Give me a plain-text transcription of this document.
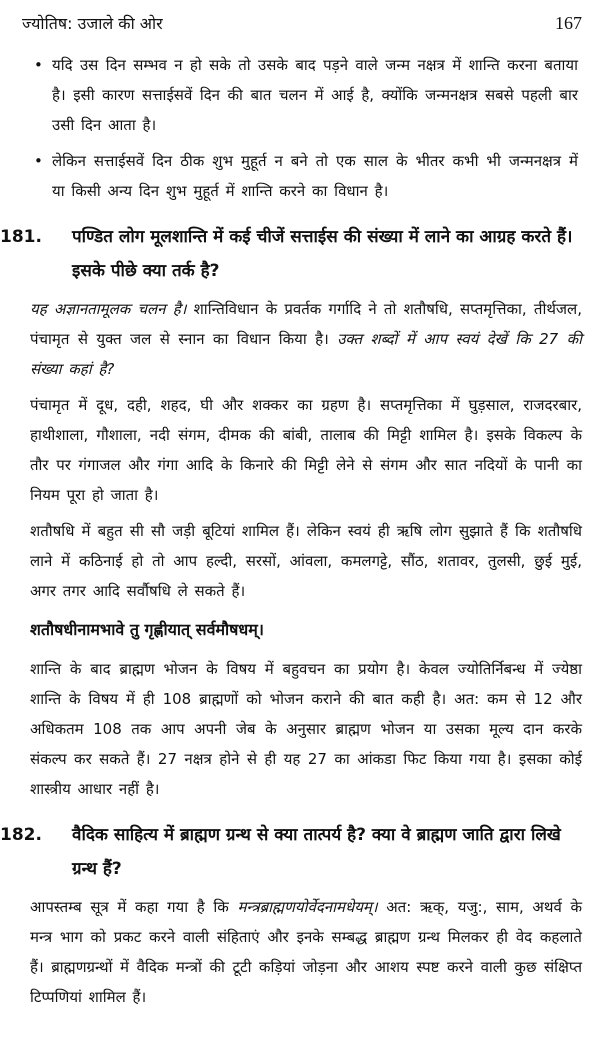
ज्योतिष: उजाले की ओर	167
• यदि उस दिन सम्भव न हो सके तो उसके बाद पड़ने वाले जन्म नक्षत्र में शान्ति करना बताया है। इसी कारण सत्ताईसवें दिन की बात चलन में आई है, क्योंकि जन्मनक्षत्र सबसे पहली बार उसी दिन आता है।
• लेकिन सत्ताईसवें दिन ठीक शुभ मुहूर्त न बने तो एक साल के भीतर कभी भी जन्मनक्षत्र में या किसी अन्य दिन शुभ मुहूर्त में शान्ति करने का विधान है।
181.	पण्डित लोग मूलशान्ति में कई चीजें सत्ताईस की संख्या में लाने का आग्रह करते हैं। इसके पीछे क्या तर्क है?

यह अज्ञानतामूलक चलन है। शान्तिविधान के प्रवर्तक गर्गादि ने तो शतौषधि, सप्तमृत्तिका, तीर्थजल, पंचामृत से युक्त जल से स्नान का विधान किया है। उक्त शब्दों में आप स्वयं देखें कि 27 की संख्या कहां है?

पंचामृत में दूध, दही, शहद, घी और शक्कर का ग्रहण है। सप्तमृत्तिका में घुड़साल, राजदरबार, हाथीशाला, गौशाला, नदी संगम, दीमक की बांबी, तालाब की मिट्टी शामिल है। इसके विकल्प के तौर पर गंगाजल और गंगा आदि के किनारे की मिट्टी लेने से संगम और सात नदियों के पानी का नियम पूरा हो जाता है।

शतौषधि में बहुत सी सौ जड़ी बूटियां शामिल हैं। लेकिन स्वयं ही ऋषि लोग सुझाते हैं कि शतौषधि लाने में कठिनाई हो तो आप हल्दी, सरसों, आंवला, कमलगट्टे, सौंठ, शतावर, तुलसी, छुई मुई, अगर तगर आदि सर्वौषधि ले सकते हैं।

शतौषधीनामभावे तु गृह्णीयात् सर्वमौषधम्।

शान्ति के बाद ब्राह्मण भोजन के विषय में बहुवचन का प्रयोग है। केवल ज्योतिर्निबन्ध में ज्येष्ठा शान्ति के विषय में ही 108 ब्राह्मणों को भोजन कराने की बात कही है। अत: कम से 12 और अधिकतम 108 तक आप अपनी जेब के अनुसार ब्राह्मण भोजन या उसका मूल्य दान करके संकल्प कर सकते हैं। 27 नक्षत्र होने से ही यह 27 का आंकडा फिट किया गया है। इसका कोई शास्त्रीय आधार नहीं है।

182.	वैदिक साहित्य में ब्राह्मण ग्रन्थ से क्या तात्पर्य है? क्या वे ब्राह्मण जाति द्वारा लिखे ग्रन्थ हैं?

आपस्तम्ब सूत्र में कहा गया है कि मन्त्रब्राह्मणयोर्वेदनामधेयम्। अत: ऋक्, यजु:, साम, अथर्व के मन्त्र भाग को प्रकट करने वाली संहिताएं और इनके सम्बद्ध ब्राह्मण ग्रन्थ मिलकर ही वेद कहलाते हैं। ब्राह्मणग्रन्थों में वैदिक मन्त्रों की टूटी कड़ियां जोड़ना और आशय स्पष्ट करने वाली कुछ संक्षिप्त टिप्पणियां शामिल हैं।
